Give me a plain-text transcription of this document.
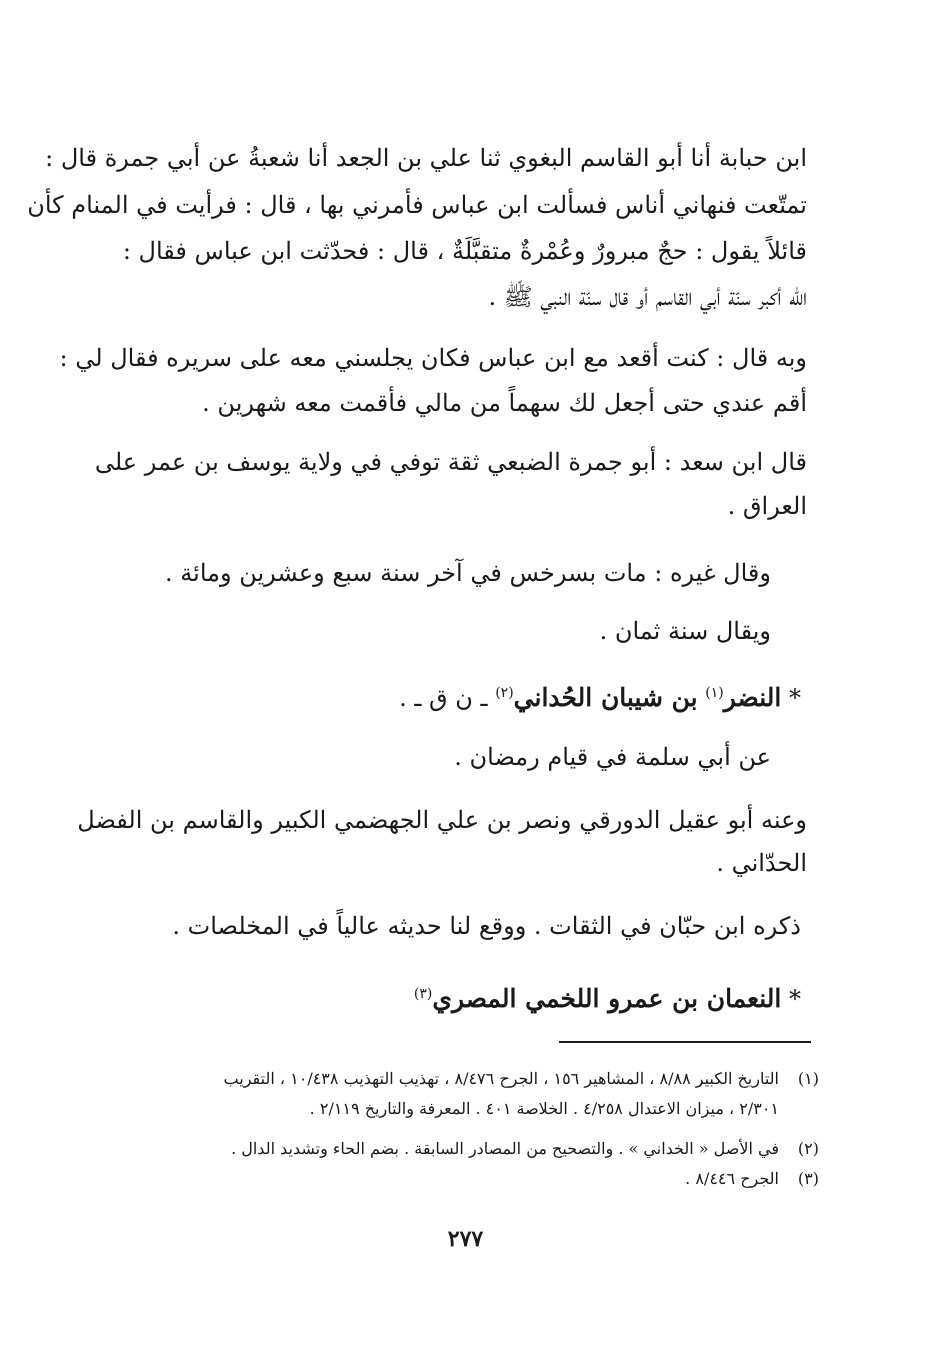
ابن حبابة أنا أبو القاسم البغوي ثنا علي بن الجعد أنا شعبةُ عن أبي جمرة قال :
تمتّعت فنهاني أناس فسألت ابن عباس فأمرني بها ، قال : فرأيت في المنام كأن
قائلاً يقول : حجٌ مبرورٌ وعُمْرةٌ متقبَّلَةٌ ، قال : فحدّثت ابن عباس فقال :
الله أكبر سنّة أبي القاسم أو قال سنّة النبي ﷺ .
وبه قال : كنت أقعد مع ابن عباس فكان يجلسني معه على سريره فقال لي :
أقم عندي حتى أجعل لك سهماً من مالي فأقمت معه شهرين .
قال ابن سعد : أبو جمرة الضبعي ثقة توفي في ولاية يوسف بن عمر على
العراق .
وقال غيره : مات بسرخس في آخر سنة سبع وعشرين ومائة .
ويقال سنة ثمان .
* النضر$^{(١)}$ بن شيبان الحُداني$^{(٢)}$ ـ ن ق ـ .
عن أبي سلمة في قيام رمضان .
وعنه أبو عقيل الدورقي ونصر بن علي الجهضمي الكبير والقاسم بن الفضل
الحدّاني .
ذكره ابن حبّان في الثقات . ووقع لنا حديثه عالياً في المخلصات .
* النعمان بن عمرو اللخمي المصري$^{(٣)}$
(١)التاريخ الكبير ٨/٨٨ ، المشاهير ١٥٦ ، الجرح ٨/٤٧٦ ، تهذيب التهذيب ١٠/٤٣٨ ، التقريب
٢/٣٠١ ، ميزان الاعتدال ٤/٢٥٨ . الخلاصة ٤٠١ . المعرفة والتاريخ ٢/١١٩ .
(٢)في الأصل « الخداني » . والتصحيح من المصادر السابقة . بضم الحاء وتشديد الدال .
(٣)الجرح ٨/٤٤٦ .
٢٧٧
